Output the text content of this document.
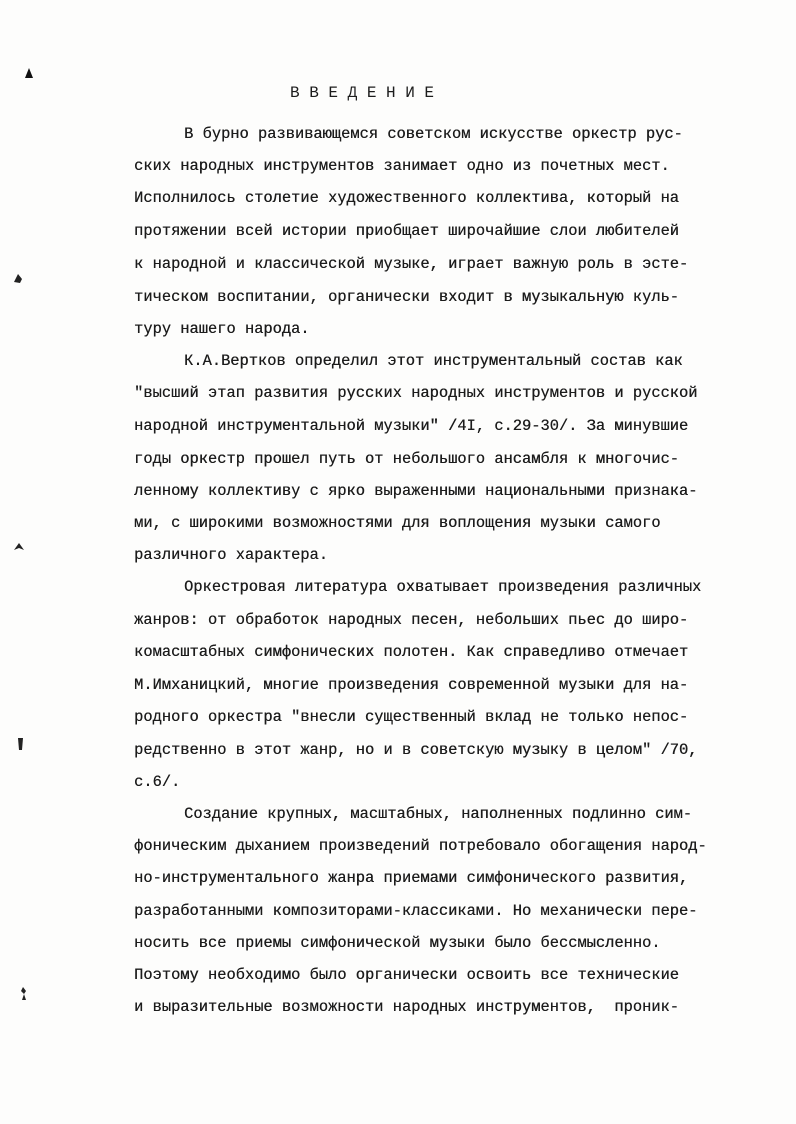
В В Е Д Е Н И Е
В бурно развивающемся советском искусстве оркестр рус-
ских народных инструментов занимает одно из почетных мест.
Исполнилось столетие художественного коллектива, который на
протяжении всей истории приобщает широчайшие слои любителей
к народной и классической музыке, играет важную роль в эсте-
тическом воспитании, органически входит в музыкальную куль-
туру нашего народа.
К.А.Вертков определил этот инструментальный состав как
"высший этап развития русских народных инструментов и русской
народной инструментальной музыки" /4I, с.29-30/. За минувшие
годы оркестр прошел путь от небольшого ансамбля к многочис-
ленному коллективу с ярко выраженными национальными признака-
ми, с широкими возможностями для воплощения музыки самого
различного характера.
Оркестровая литература охватывает произведения различных
жанров: от обработок народных песен, небольших пьес до широ-
комасштабных симфонических полотен. Как справедливо отмечает
М.Имханицкий, многие произведения современной музыки для на-
родного оркестра "внесли существенный вклад не только непос-
редственно в этот жанр, но и в советскую музыку в целом" /70,
с.6/.
Создание крупных, масштабных, наполненных подлинно сим-
фоническим дыханием произведений потребовало обогащения народ-
но-инструментального жанра приемами симфонического развития,
разработанными композиторами-классиками. Но механически пере-
носить все приемы симфонической музыки было бессмысленно.
Поэтому необходимо было органически освоить все технические
и выразительные возможности народных инструментов,  проник-
